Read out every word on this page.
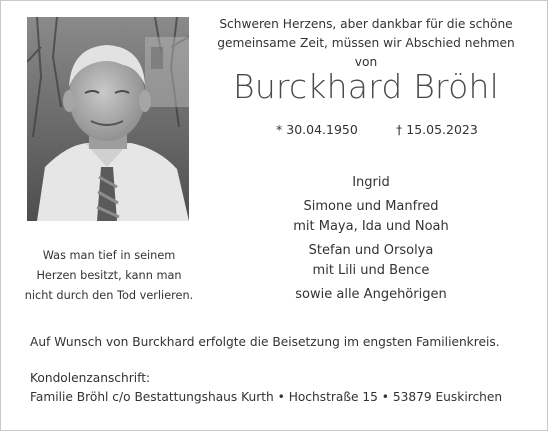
Schweren Herzens, aber dankbar für die schöne
gemeinsame Zeit, müssen wir Abschied nehmen von
Burckhard Bröhl
* 30.04.1950	† 15.05.2023
Ingrid
Simone und Manfred
mit Maya, Ida und Noah
Stefan und Orsolya
mit Lili und Bence
sowie alle Angehörigen
Was man tief in seinem
Herzen besitzt, kann man
nicht durch den Tod verlieren.
Auf Wunsch von Burckhard erfolgte die Beisetzung im engsten Familienkreis.
Kondolenzanschrift:
Familie Bröhl c/o Bestattungshaus Kurth • Hochstraße 15 • 53879 Euskirchen
